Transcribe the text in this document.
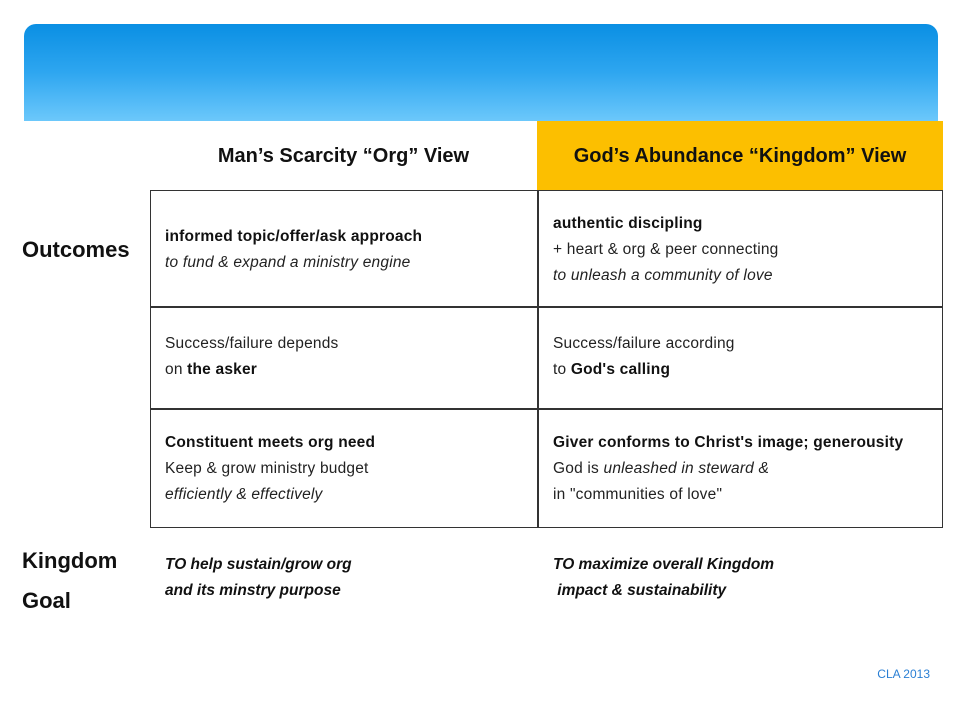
Man’s Scarcity “Org” View	God’s Abundance “Kingdom” View
Outcomes
Kingdom
Goal
informed topic/offer/ask approach
to fund & expand a ministry engine
authentic discipling
+ heart & org & peer connecting
to unleash a community of love
Success/failure depends
on the asker
Success/failure according
to God's calling
Constituent meets org need
Keep & grow ministry budget
efficiently & effectively
Giver conforms to Christ's image; generousity
God is unleashed in steward &
in "communities of love"
TO help sustain/grow org
and its minstry purpose
TO maximize overall Kingdom
impact & sustainability
CLA 2013
